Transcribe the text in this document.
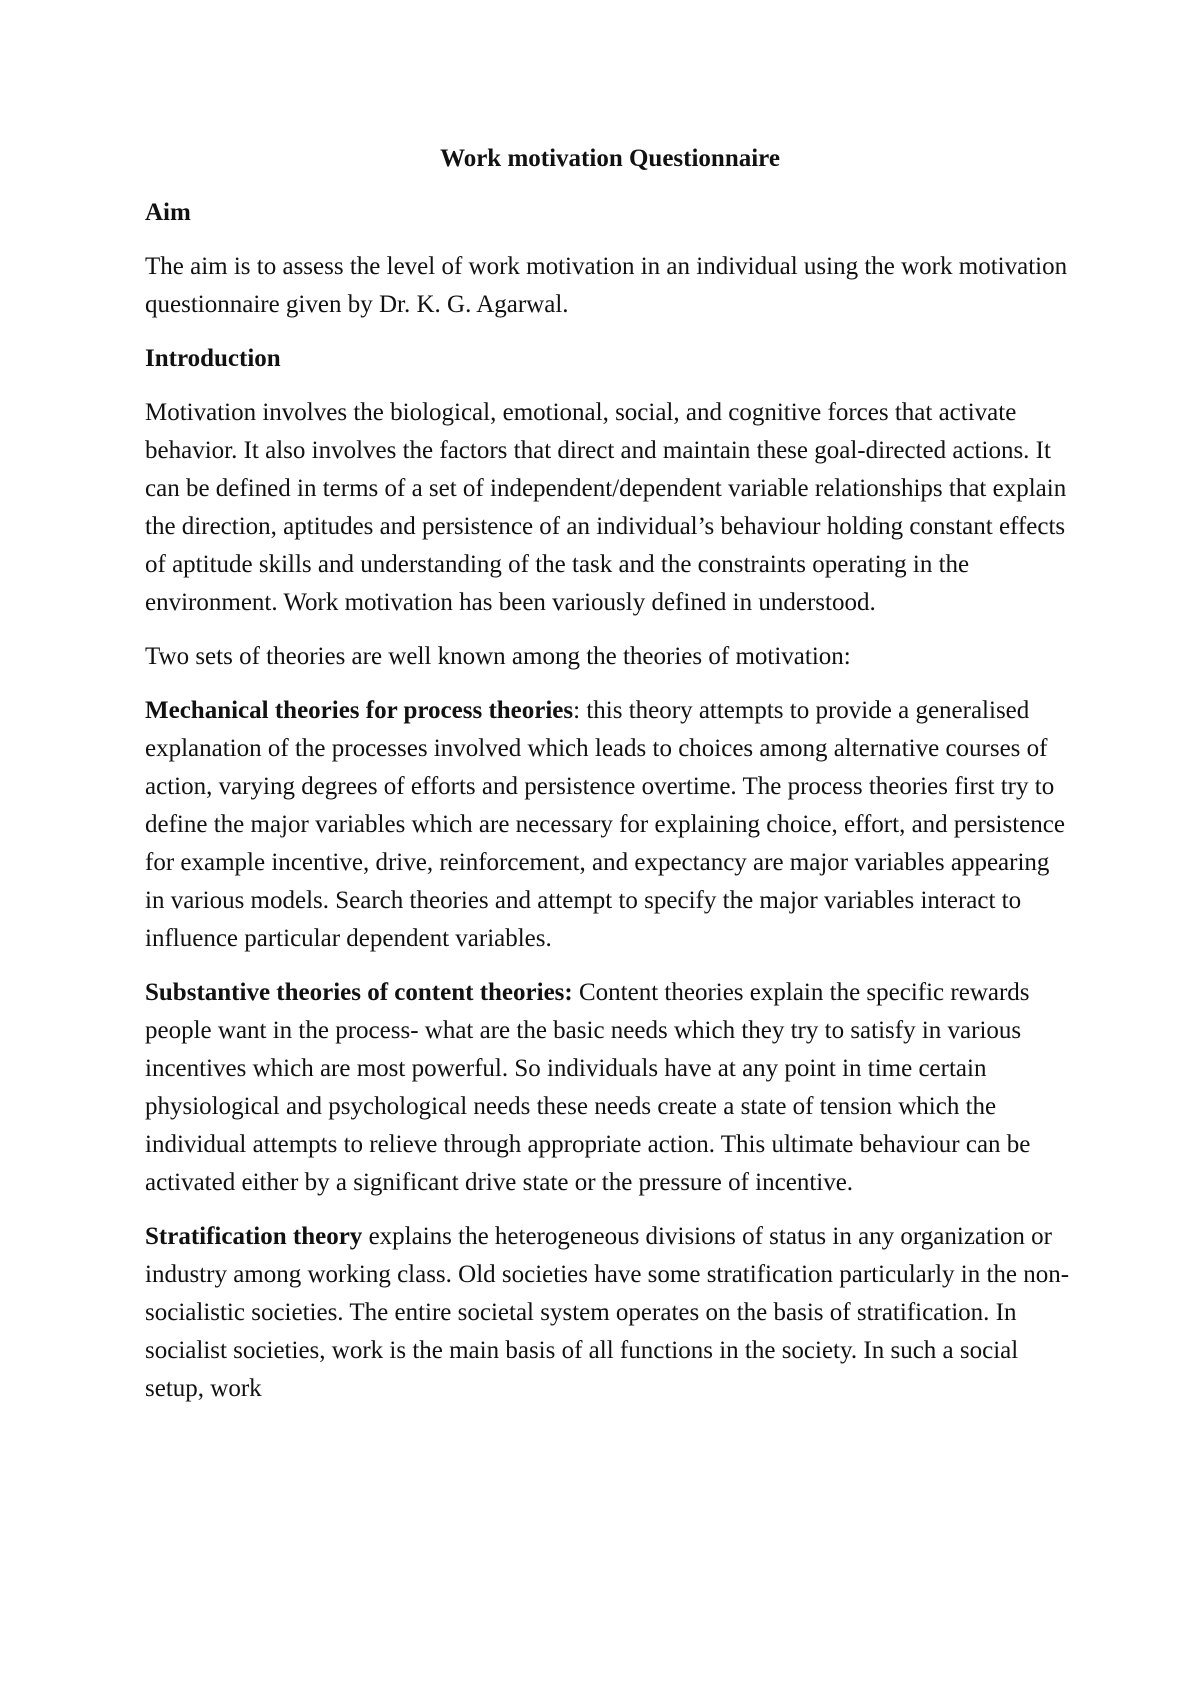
Work motivation Questionnaire
Aim

The aim is to assess the level of work motivation in an individual using the work motivation questionnaire given by Dr. K. G. Agarwal.

Introduction

Motivation involves the biological, emotional, social, and cognitive forces that activate behavior. It also involves the factors that direct and maintain these goal-directed actions. It can be defined in terms of a set of independent/dependent variable relationships that explain the direction, aptitudes and persistence of an individual’s behaviour holding constant effects of aptitude skills and understanding of the task and the constraints operating in the environment. Work motivation has been variously defined in understood.

Two sets of theories are well known among the theories of motivation:

Mechanical theories for process theories: this theory attempts to provide a generalised explanation of the processes involved which leads to choices among alternative courses of action, varying degrees of efforts and persistence overtime. The process theories first try to define the major variables which are necessary for explaining choice, effort, and persistence for example incentive, drive, reinforcement, and expectancy are major variables appearing in various models. Search theories and attempt to specify the major variables interact to influence particular dependent variables.

Substantive theories of content theories: Content theories explain the specific rewards people want in the process- what are the basic needs which they try to satisfy in various incentives which are most powerful. So individuals have at any point in time certain physiological and psychological needs these needs create a state of tension which the individual attempts to relieve through appropriate action. This ultimate behaviour can be activated either by a significant drive state or the pressure of incentive.

Stratification theory explains the heterogeneous divisions of status in any organization or industry among working class. Old societies have some stratification particularly in the non-socialistic societies. The entire societal system operates on the basis of stratification. In socialist societies, work is the main basis of all functions in the society. In such a social setup, work
